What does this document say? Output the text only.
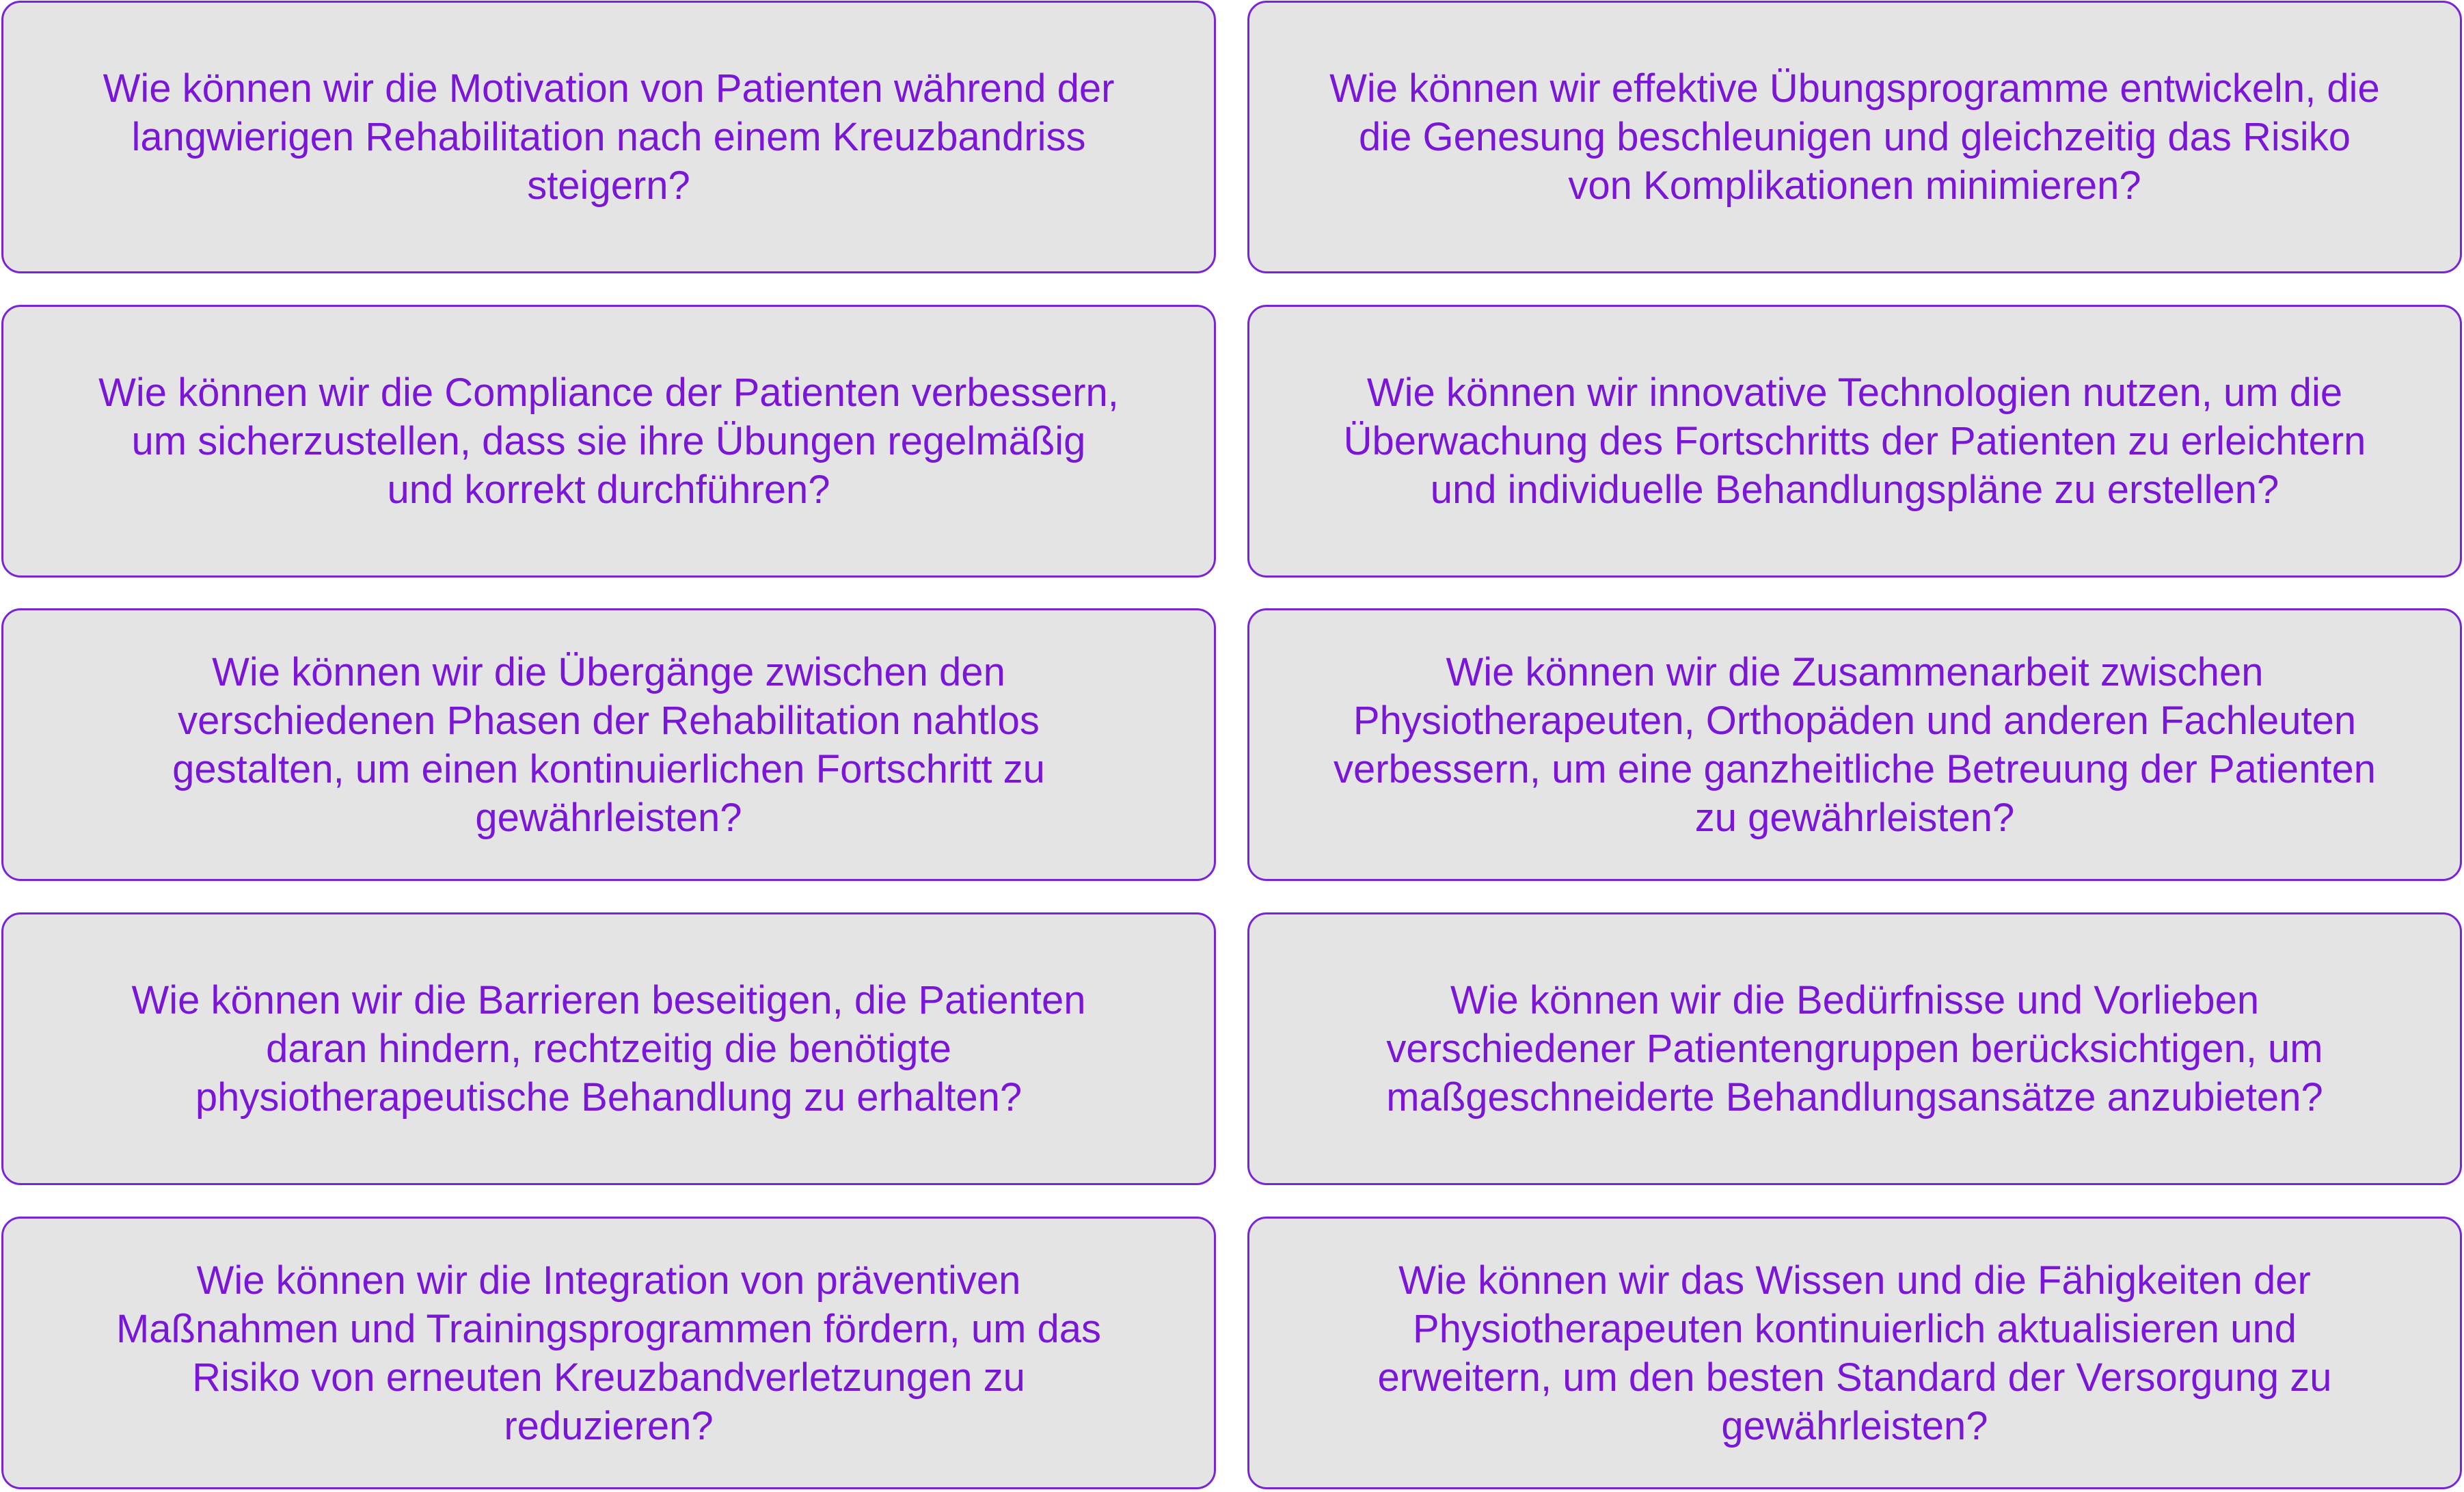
Wie können wir die Motivation von Patienten während der
langwierigen Rehabilitation nach einem Kreuzbandriss
steigern?
Wie können wir effektive Übungsprogramme entwickeln, die
die Genesung beschleunigen und gleichzeitig das Risiko
von Komplikationen minimieren?
Wie können wir die Compliance der Patienten verbessern,
um sicherzustellen, dass sie ihre Übungen regelmäßig
und korrekt durchführen?
Wie können wir innovative Technologien nutzen, um die
Überwachung des Fortschritts der Patienten zu erleichtern
und individuelle Behandlungspläne zu erstellen?
Wie können wir die Übergänge zwischen den
verschiedenen Phasen der Rehabilitation nahtlos
gestalten, um einen kontinuierlichen Fortschritt zu
gewährleisten?
Wie können wir die Zusammenarbeit zwischen
Physiotherapeuten, Orthopäden und anderen Fachleuten
verbessern, um eine ganzheitliche Betreuung der Patienten
zu gewährleisten?
Wie können wir die Barrieren beseitigen, die Patienten
daran hindern, rechtzeitig die benötigte
physiotherapeutische Behandlung zu erhalten?
Wie können wir die Bedürfnisse und Vorlieben
verschiedener Patientengruppen berücksichtigen, um
maßgeschneiderte Behandlungsansätze anzubieten?
Wie können wir die Integration von präventiven
Maßnahmen und Trainingsprogrammen fördern, um das
Risiko von erneuten Kreuzbandverletzungen zu
reduzieren?
Wie können wir das Wissen und die Fähigkeiten der
Physiotherapeuten kontinuierlich aktualisieren und
erweitern, um den besten Standard der Versorgung zu
gewährleisten?
